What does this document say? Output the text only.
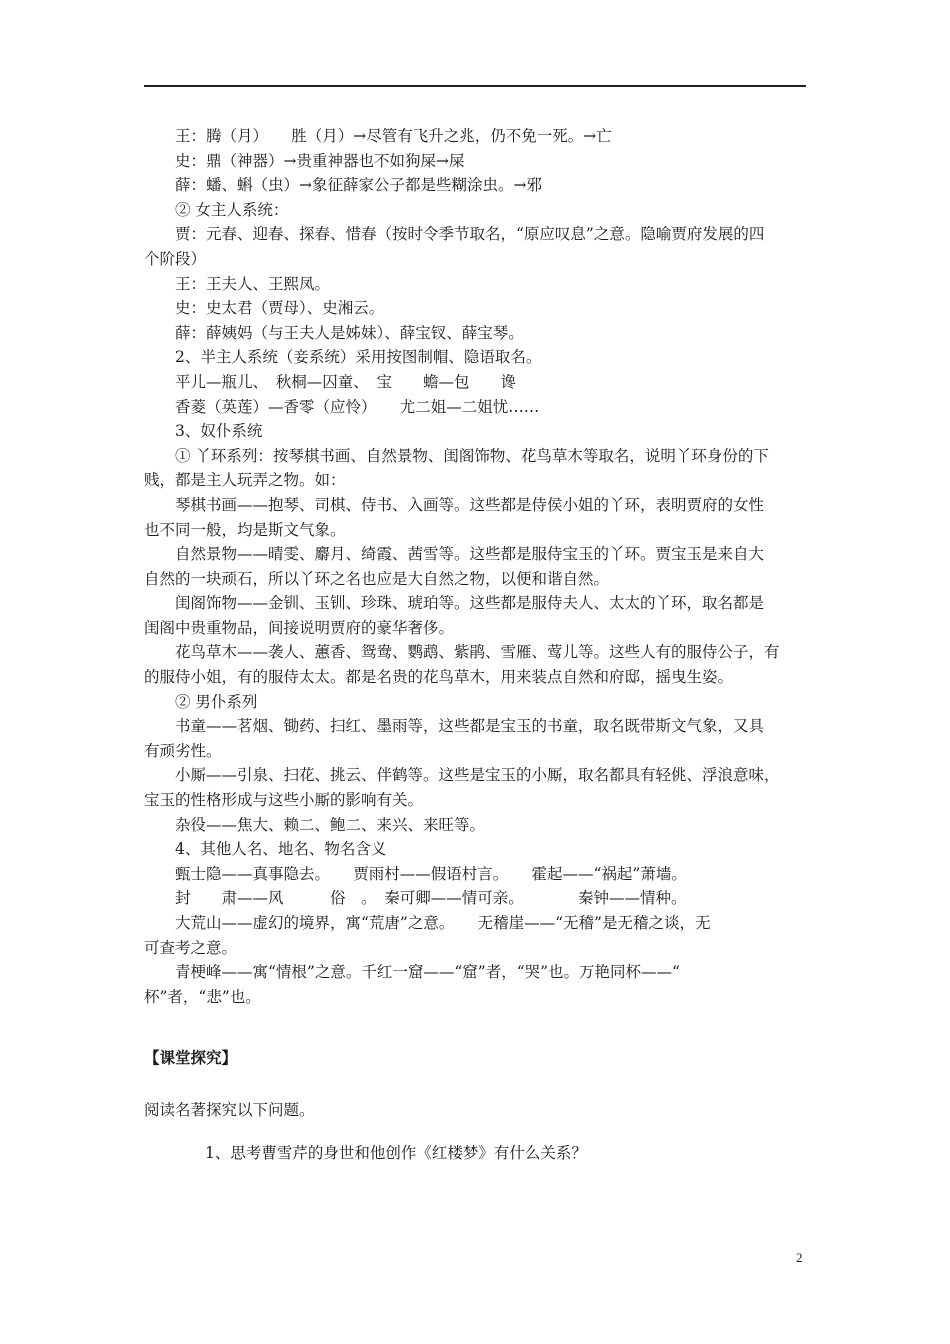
王：腾（月）　　胜（月）→尽管有飞升之兆，仍不免一死。→亡
史：鼎（神器）→贵重神器也不如狗屎→屎
薛：蟠、蝌（虫）→象征薛家公子都是些糊涂虫。→邪
② 女主人系统：
贾：元春、迎春、探春、惜春（按时令季节取名，“原应叹息”之意。隐喻贾府发展的四
个阶段）
王：王夫人、王熙凤。
史：史太君（贾母）、史湘云。
薛：薛姨妈（与王夫人是姊妹）、薛宝钗、薛宝琴。
2、半主人系统（妾系统）采用按图制帽、隐语取名。
平儿—瓶儿、　秋桐—囚童、　宝　　蟾—包　　谗
香菱（英莲）—香零（应怜）　　尤二姐—二姐忧……
3、奴仆系统
① 丫环系列：按琴棋书画、自然景物、闺阁饰物、花鸟草木等取名，说明丫环身份的下
贱，都是主人玩弄之物。如：
琴棋书画——抱琴、司棋、侍书、入画等。这些都是侍侯小姐的丫环，表明贾府的女性
也不同一般，均是斯文气象。
自然景物——晴雯、麝月、绮霞、茜雪等。这些都是服侍宝玉的丫环。贾宝玉是来自大
自然的一块顽石，所以丫环之名也应是大自然之物，以便和谐自然。
闺阁饰物——金钏、玉钏、珍珠、琥珀等。这些都是服侍夫人、太太的丫环，取名都是
闺阁中贵重物品，间接说明贾府的豪华奢侈。
花鸟草木——袭人、蕙香、鸳鸯、鹦鹉、紫鹃、雪雁、莺儿等。这些人有的服侍公子，有
的服侍小姐，有的服侍太太。都是名贵的花鸟草木，用来装点自然和府邸，摇曳生姿。
② 男仆系列
书童——茗烟、锄药、扫红、墨雨等，这些都是宝玉的书童，取名既带斯文气象，又具
有顽劣性。
小厮——引泉、扫花、挑云、伴鹤等。这些是宝玉的小厮，取名都具有轻佻、浮浪意味，
宝玉的性格形成与这些小厮的影响有关。
杂役——焦大、赖二、鲍二、来兴、来旺等。
4、其他人名、地名、物名含义
甄士隐——真事隐去。　　贾雨村——假语村言。　　霍起——“祸起”萧墙。
封　　肃——风　　　俗　。　秦可卿——情可亲。　　　　秦钟——情种。
大荒山——虚幻的境界，寓“荒唐”之意。　　无稽崖——“无稽”是无稽之谈，无
可查考之意。
青梗峰——寓“情根”之意。千红一窟——“窟”者，“哭”也。万艳同杯——“
杯”者，“悲”也。
【课堂探究】
阅读名著探究以下问题。
1、思考曹雪芹的身世和他创作《红楼梦》有什么关系？
2
